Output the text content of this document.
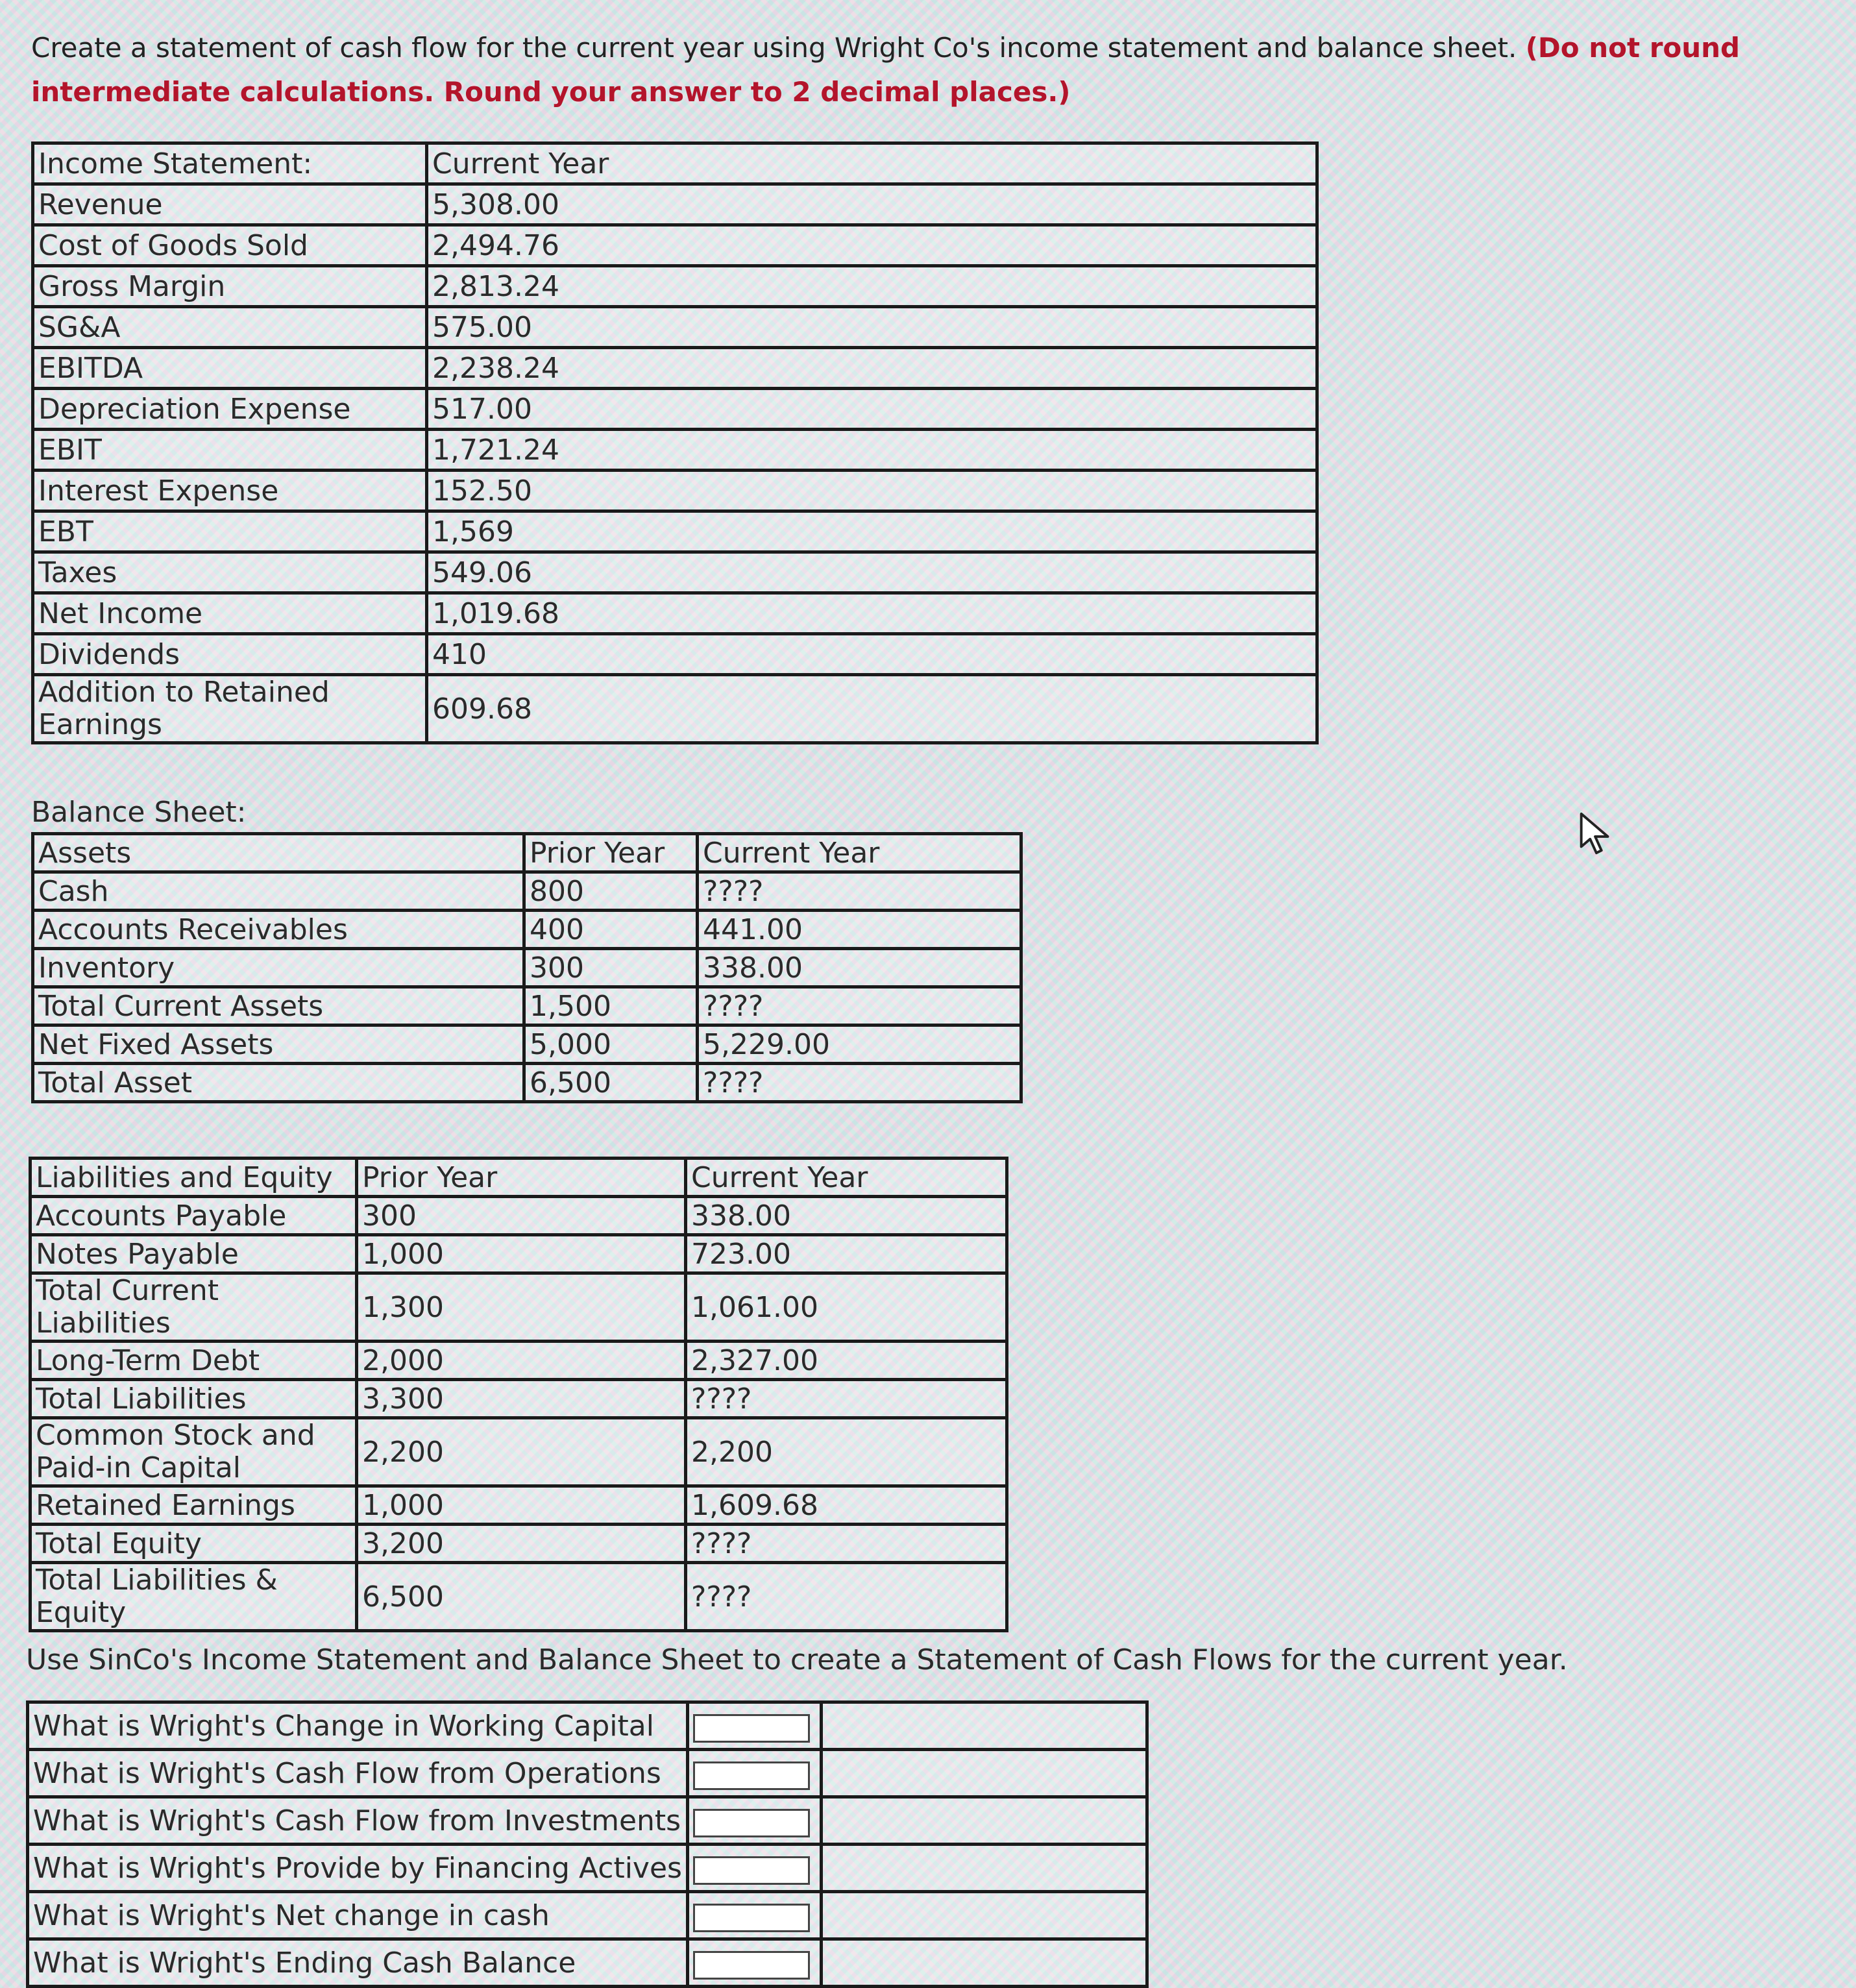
Create a statement of cash flow for the current year using Wright Co's income statement and balance sheet. (Do not round intermediate calculations. Round your answer to 2 decimal places.)
Income Statement:	Current Year
Revenue	5,308.00
Cost of Goods Sold	2,494.76
Gross Margin	2,813.24
SG&A	575.00
EBITDA	2,238.24
Depreciation Expense	517.00
EBIT	1,721.24
Interest Expense	152.50
EBT	1,569
Taxes	549.06
Net Income	1,019.68
Dividends	410
Addition to Retained Earnings	609.68
Balance Sheet:
Assets	Prior Year	Current Year
Cash	800	????
Accounts Receivables	400	441.00
Inventory	300	338.00
Total Current Assets	1,500	????
Net Fixed Assets	5,000	5,229.00
Total Asset	6,500	????
Liabilities and Equity	Prior Year	Current Year
Accounts Payable	300	338.00
Notes Payable	1,000	723.00
Total Current Liabilities	1,300	1,061.00
Long-Term Debt	2,000	2,327.00
Total Liabilities	3,300	????
Common Stock and Paid-in Capital	2,200	2,200
Retained Earnings	1,000	1,609.68
Total Equity	3,200	????
Total Liabilities & Equity	6,500	????
Use SinCo's Income Statement and Balance Sheet to create a Statement of Cash Flows for the current year.
What is Wright's Change in Working Capital		
What is Wright's Cash Flow from Operations		
What is Wright's Cash Flow from Investments		
What is Wright's Provide by Financing Actives		
What is Wright's Net change in cash		
What is Wright's Ending Cash Balance		
